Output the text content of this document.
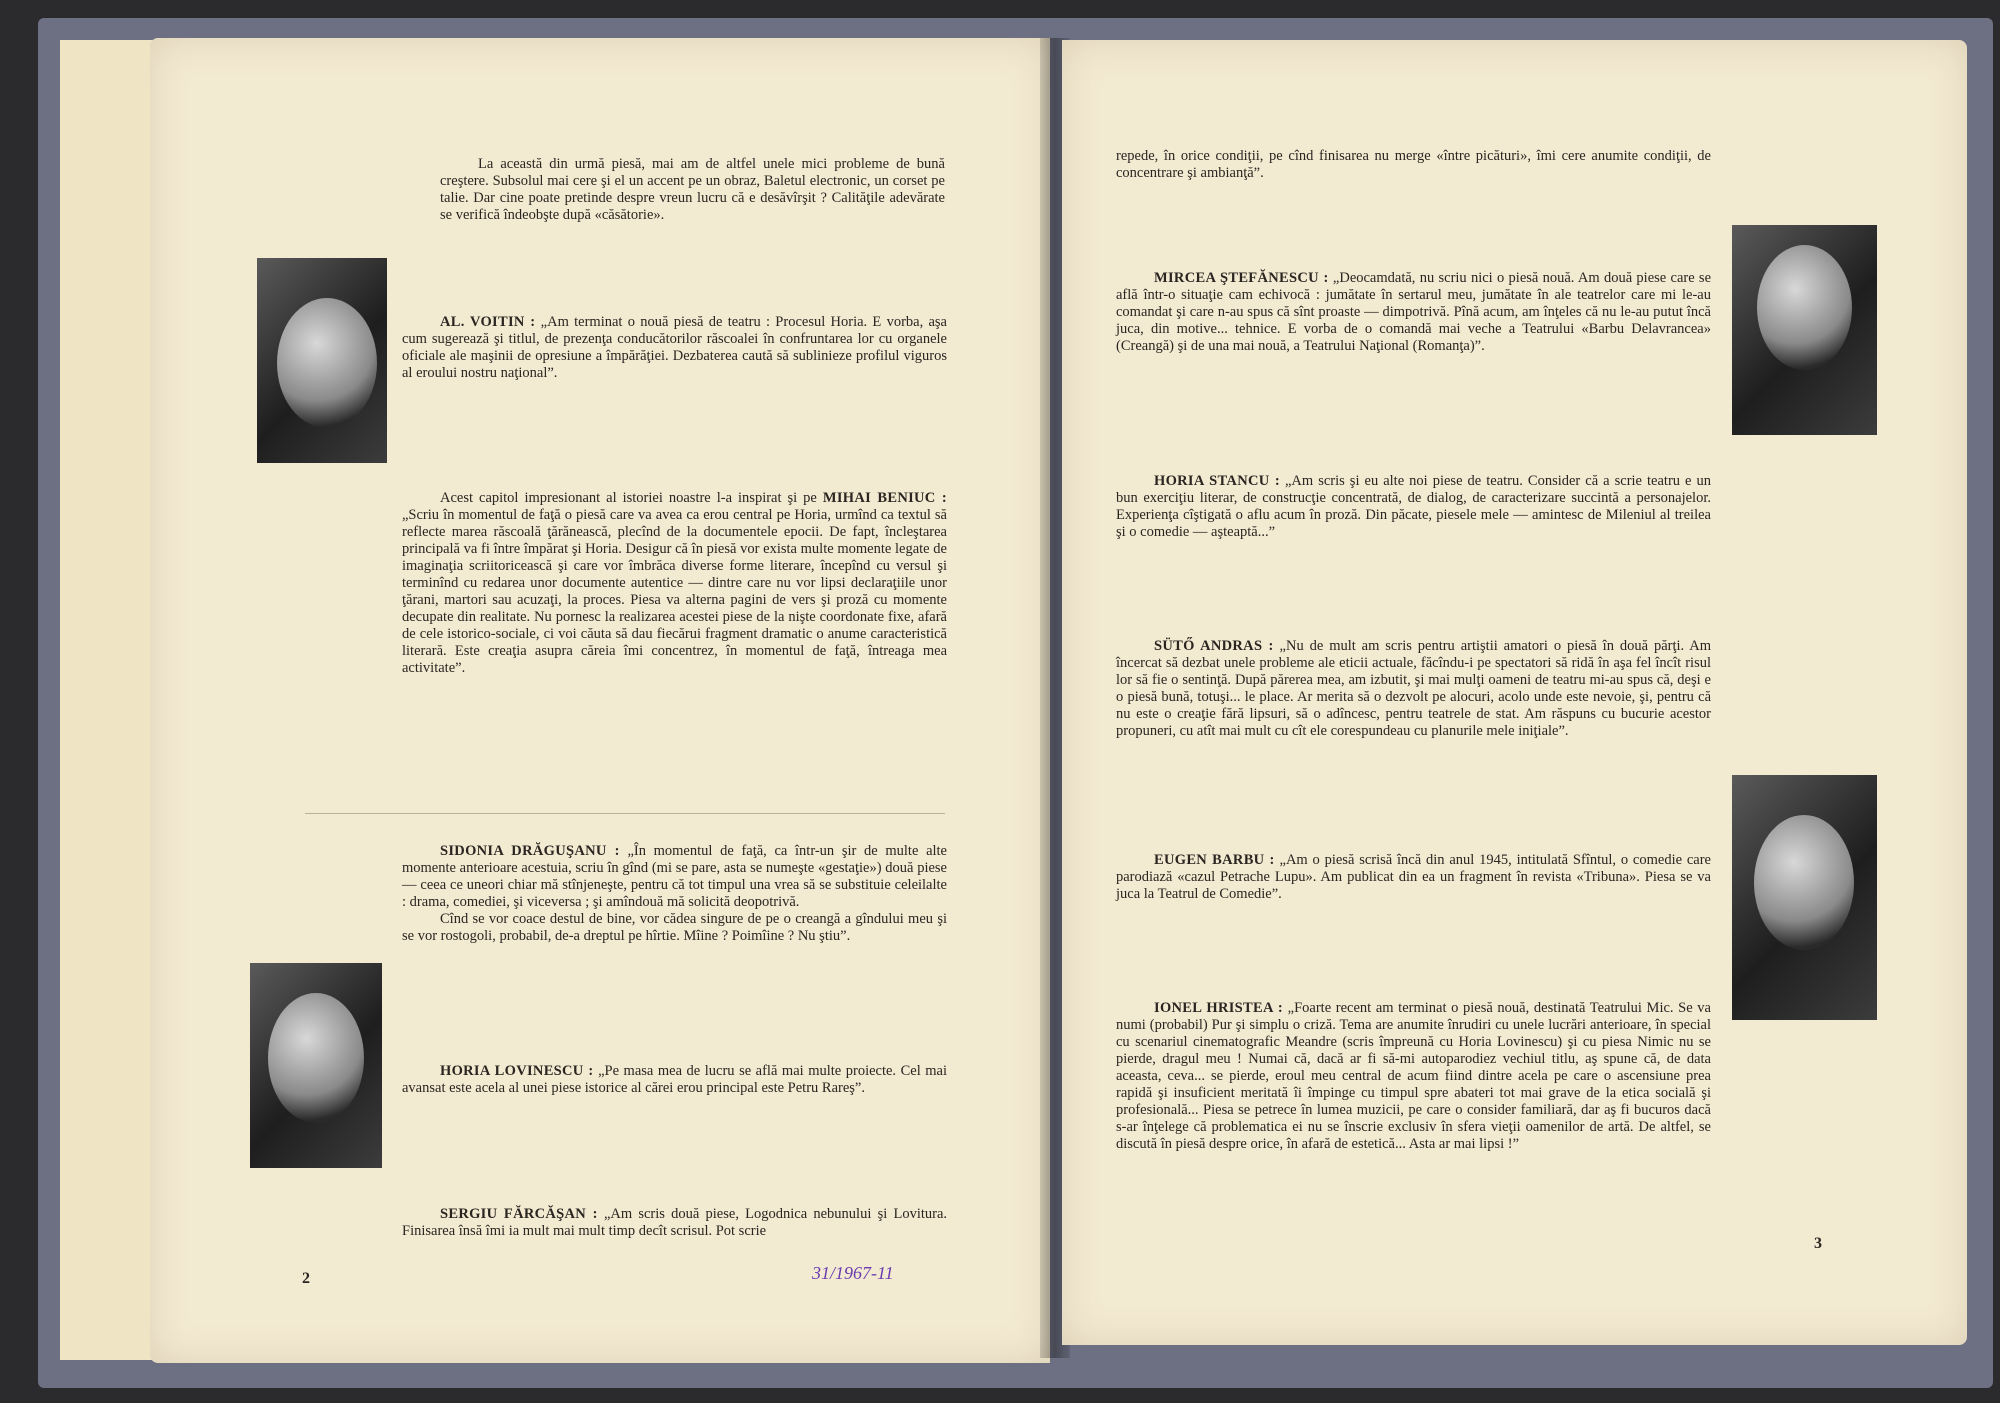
La această din urmă piesă, mai am de altfel unele mici probleme de bună creştere. Subsolul mai cere şi el un accent pe un obraz, Baletul electronic, un corset pe talie. Dar cine poate pretinde despre vreun lucru că e desăvîrşit ? Calităţile adevărate se verifică îndeobşte după «căsătorie».

AL. VOITIN : „Am terminat o nouă piesă de teatru : Procesul Horia. E vorba, aşa cum sugerează şi titlul, de prezenţa conducătorilor răscoalei în confruntarea lor cu organele oficiale ale maşinii de opresiune a împărăţiei. Dezbaterea caută să sublinieze profilul viguros al eroului nostru naţional”.

Acest capitol impresionant al istoriei noastre l-a inspirat şi pe MIHAI BENIUC : „Scriu în momentul de faţă o piesă care va avea ca erou central pe Horia, urmînd ca textul să reflecte marea răscoală ţărănească, plecînd de la documentele epocii. De fapt, încleştarea principală va fi între împărat şi Horia. Desigur că în piesă vor exista multe momente legate de imaginaţia scriitoricească şi care vor îmbrăca diverse forme literare, începînd cu versul şi terminînd cu redarea unor documente autentice — dintre care nu vor lipsi declaraţiile unor ţărani, martori sau acuzaţi, la proces. Piesa va alterna pagini de vers şi proză cu momente decupate din realitate. Nu pornesc la realizarea acestei piese de la nişte coordonate fixe, afară de cele istorico-sociale, ci voi căuta să dau fiecărui fragment dramatic o anume caracteristică literară. Este creaţia asupra căreia îmi concentrez, în momentul de faţă, întreaga mea activitate”.

SIDONIA DRĂGUŞANU : „În momentul de faţă, ca într-un şir de multe alte momente anterioare acestuia, scriu în gînd (mi se pare, asta se numeşte «gestaţie») două piese — ceea ce uneori chiar mă stînjeneşte, pentru că tot timpul una vrea să se substituie celeilalte : drama, comediei, şi viceversa ; şi amîndouă mă solicită deopotrivă.

Cînd se vor coace destul de bine, vor cădea singure de pe o creangă a gîndului meu şi se vor rostogoli, probabil, de-a dreptul pe hîrtie. Mîine ? Poimîine ? Nu ştiu”.

HORIA LOVINESCU : „Pe masa mea de lucru se află mai multe proiecte. Cel mai avansat este acela al unei piese istorice al cărei erou principal este Petru Rareş”.

SERGIU FĂRCĂŞAN : „Am scris două piese, Logodnica nebunului şi Lovitura. Finisarea însă îmi ia mult mai mult timp decît scrisul. Pot scrie

2	31/1967-11

repede, în orice condiţii, pe cînd finisarea nu merge «între picături», îmi cere anumite condiţii, de concentrare şi ambianţă”.

MIRCEA ŞTEFĂNESCU : „Deocamdată, nu scriu nici o piesă nouă. Am două piese care se află într-o situaţie cam echivocă : jumătate în sertarul meu, jumătate în ale teatrelor care mi le-au comandat şi care n-au spus că sînt proaste — dimpotrivă. Pînă acum, am înţeles că nu le-au putut încă juca, din motive... tehnice. E vorba de o comandă mai veche a Teatrului «Barbu Delavrancea» (Creangă) şi de una mai nouă, a Teatrului Naţional (Romanţa)”.

HORIA STANCU : „Am scris şi eu alte noi piese de teatru. Consider că a scrie teatru e un bun exerciţiu literar, de construcţie concentrată, de dialog, de caracterizare succintă a personajelor. Experienţa cîştigată o aflu acum în proză. Din păcate, piesele mele — amintesc de Mileniul al treilea şi o comedie — aşteaptă...”

SÜTŐ ANDRAS : „Nu de mult am scris pentru artiştii amatori o piesă în două părţi. Am încercat să dezbat unele probleme ale eticii actuale, făcîndu-i pe spectatori să ridă în aşa fel încît risul lor să fie o sentinţă. După părerea mea, am izbutit, şi mai mulţi oameni de teatru mi-au spus că, deşi e o piesă bună, totuşi... le place. Ar merita să o dezvolt pe alocuri, acolo unde este nevoie, şi, pentru că nu este o creaţie fără lipsuri, să o adîncesc, pentru teatrele de stat. Am răspuns cu bucurie acestor propuneri, cu atît mai mult cu cît ele corespundeau cu planurile mele iniţiale”.

EUGEN BARBU : „Am o piesă scrisă încă din anul 1945, intitulată Sfîntul, o comedie care parodiază «cazul Petrache Lupu». Am publicat din ea un fragment în revista «Tribuna». Piesa se va juca la Teatrul de Comedie”.

IONEL HRISTEA : „Foarte recent am terminat o piesă nouă, destinată Teatrului Mic. Se va numi (probabil) Pur şi simplu o criză. Tema are anumite înrudiri cu unele lucrări anterioare, în special cu scenariul cinematografic Meandre (scris împreună cu Horia Lovinescu) şi cu piesa Nimic nu se pierde, dragul meu ! Numai că, dacă ar fi să-mi autoparodiez vechiul titlu, aş spune că, de data aceasta, ceva... se pierde, eroul meu central de acum fiind dintre acela pe care o ascensiune prea rapidă şi insuficient meritată îi împinge cu timpul spre abateri tot mai grave de la etica socială şi profesională... Piesa se petrece în lumea muzicii, pe care o consider familiară, dar aş fi bucuros dacă s-ar înţelege că problematica ei nu se înscrie exclusiv în sfera vieţii oamenilor de artă. De altfel, se discută în piesă despre orice, în afară de estetică... Asta ar mai lipsi !”

3
